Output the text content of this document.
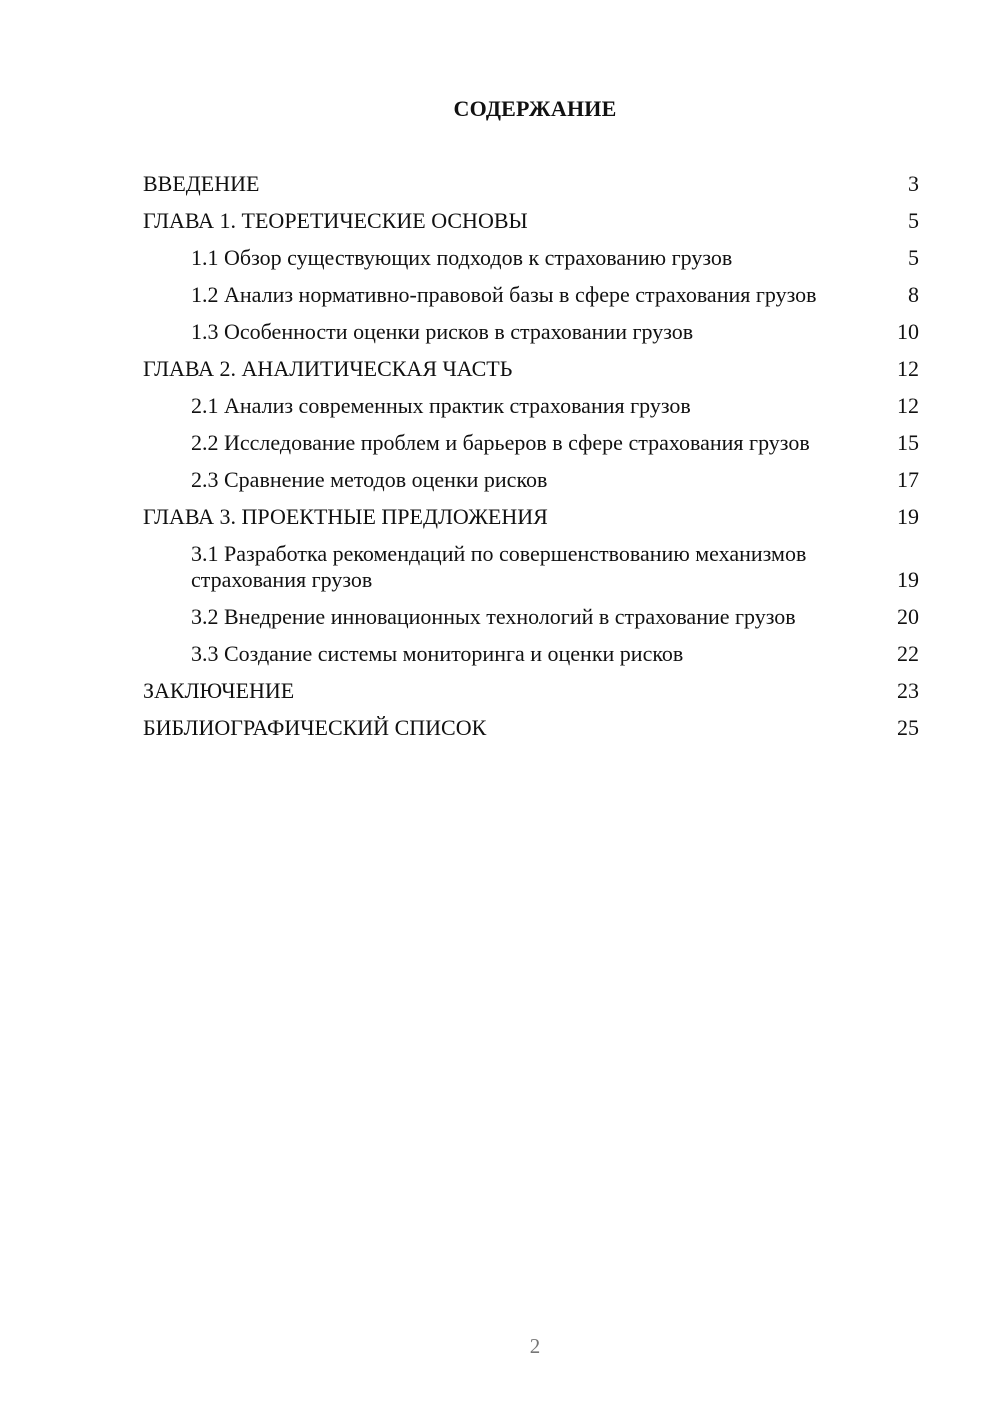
СОДЕРЖАНИЕ
ВВЕДЕНИЕ	3
ГЛАВА 1. ТЕОРЕТИЧЕСКИЕ ОСНОВЫ	5
1.1 Обзор существующих подходов к страхованию грузов	5
1.2 Анализ нормативно-правовой базы в сфере страхования грузов	8
1.3 Особенности оценки рисков в страховании грузов	10
ГЛАВА 2. АНАЛИТИЧЕСКАЯ ЧАСТЬ	12
2.1 Анализ современных практик страхования грузов	12
2.2 Исследование проблем и барьеров в сфере страхования грузов	15
2.3 Сравнение методов оценки рисков	17
ГЛАВА 3. ПРОЕКТНЫЕ ПРЕДЛОЖЕНИЯ	19
3.1 Разработка рекомендаций по совершенствованию механизмов страхования грузов	19
3.2 Внедрение инновационных технологий в страхование грузов	20
3.3 Создание системы мониторинга и оценки рисков	22
ЗАКЛЮЧЕНИЕ	23
БИБЛИОГРАФИЧЕСКИЙ СПИСОК	25
2
